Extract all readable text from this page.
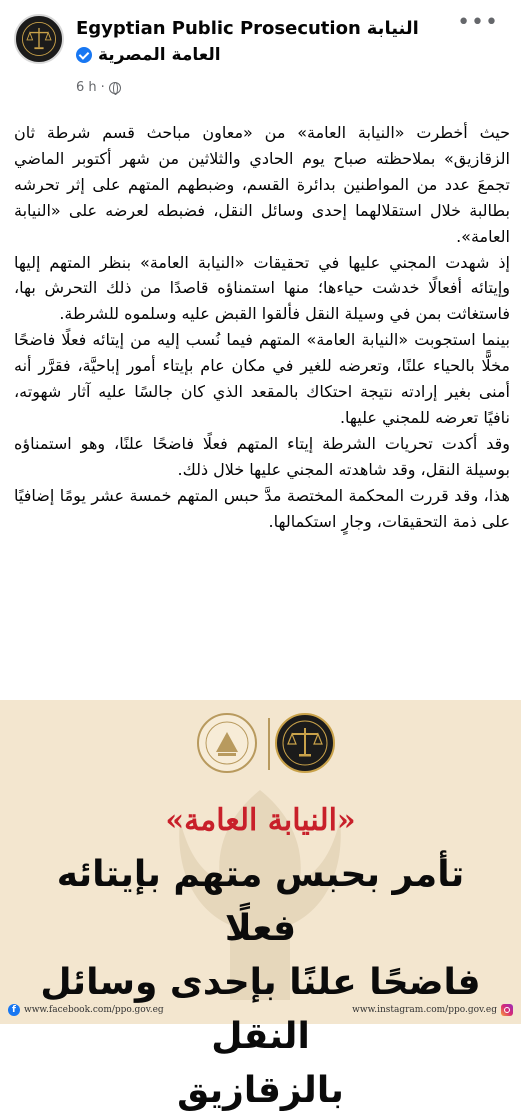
Egyptian Public Prosecution النيابة
العامة المصرية
6 h ·
•••

حيث أخطرت «النيابة العامة» من «معاون مباحث قسم شرطة ثان الزقازيق» بملاحظته صباح يوم الحادي والثلاثين من شهر أكتوبر الماضي تجمعَ عدد من المواطنين بدائرة القسم، وضبطهم المتهم على إثر تحرشه بطالبة خلال استقلالهما إحدى وسائل النقل، فضبطه لعرضه على «النيابة العامة».

إذ شهدت المجني عليها في تحقيقات «النيابة العامة» بنظر المتهم إليها وإيتائه أفعالًا خدشت حياءها؛ منها استمناؤه قاصدًا من ذلك التحرش بها، فاستغاثت بمن في وسيلة النقل فألقوا القبض عليه وسلموه للشرطة.

بينما استجوبت «النيابة العامة» المتهم فيما نُسب إليه من إيتائه فعلًا فاضحًا مخلًّا بالحياء علنًا، وتعرضه للغير في مكان عام بإيتاء أمور إباحيَّة، فقرَّر أنه أمنى بغير إرادته نتيجة احتكاك بالمقعد الذي كان جالسًا عليه آثار شهوته، نافيًا تعرضه للمجني عليها.

وقد أكدت تحريات الشرطة إيتاء المتهم فعلًا فاضحًا علنًا، وهو استمناؤه بوسيلة النقل، وقد شاهدته المجني عليها خلال ذلك.

هذا، وقد قررت المحكمة المختصة مدَّ حبس المتهم خمسة عشر يومًا إضافيًا على ذمة التحقيقات، وجارٍ استكمالها.

«النيابة العامة»
تأمر بحبس متهم بإيتائه فعلًا
فاضحًا علنًا بإحدى وسائل النقل
بالزقازيق
f www.facebook.com/ppo.gov.eg	www.instagram.com/ppo.gov.eg
